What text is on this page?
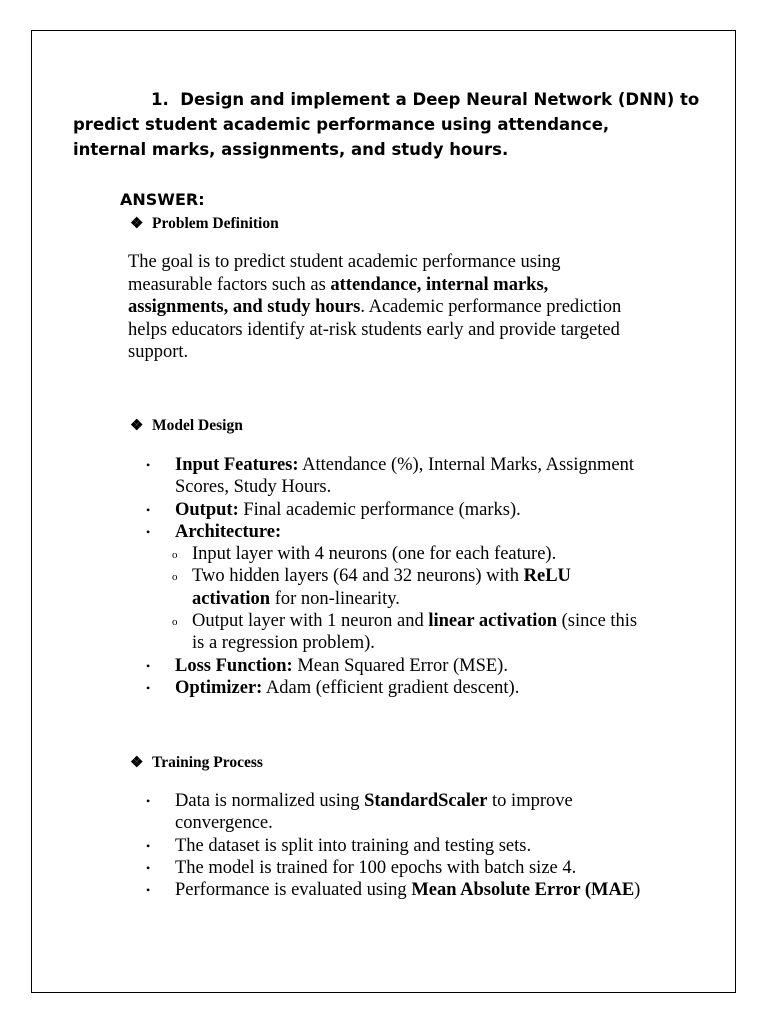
1. Design and implement a Deep Neural Network (DNN) to
predict student academic performance using attendance, internal marks, assignments, and study hours.
ANSWER:
❖ Problem Definition
The goal is to predict student academic performance using measurable factors such as attendance, internal marks, assignments, and study hours. Academic performance prediction helps educators identify at-risk students early and provide targeted support.
❖ Model Design
• Input Features: Attendance (%), Internal Marks, Assignment Scores, Study Hours.
• Output: Final academic performance (marks).
• Architecture:
o Input layer with 4 neurons (one for each feature).
o Two hidden layers (64 and 32 neurons) with ReLU activation for non-linearity.
o Output layer with 1 neuron and linear activation (since this is a regression problem).
• Loss Function: Mean Squared Error (MSE).
• Optimizer: Adam (efficient gradient descent).
❖ Training Process
• Data is normalized using StandardScaler to improve convergence.
• The dataset is split into training and testing sets.
• The model is trained for 100 epochs with batch size 4.
• Performance is evaluated using Mean Absolute Error (MAE)
